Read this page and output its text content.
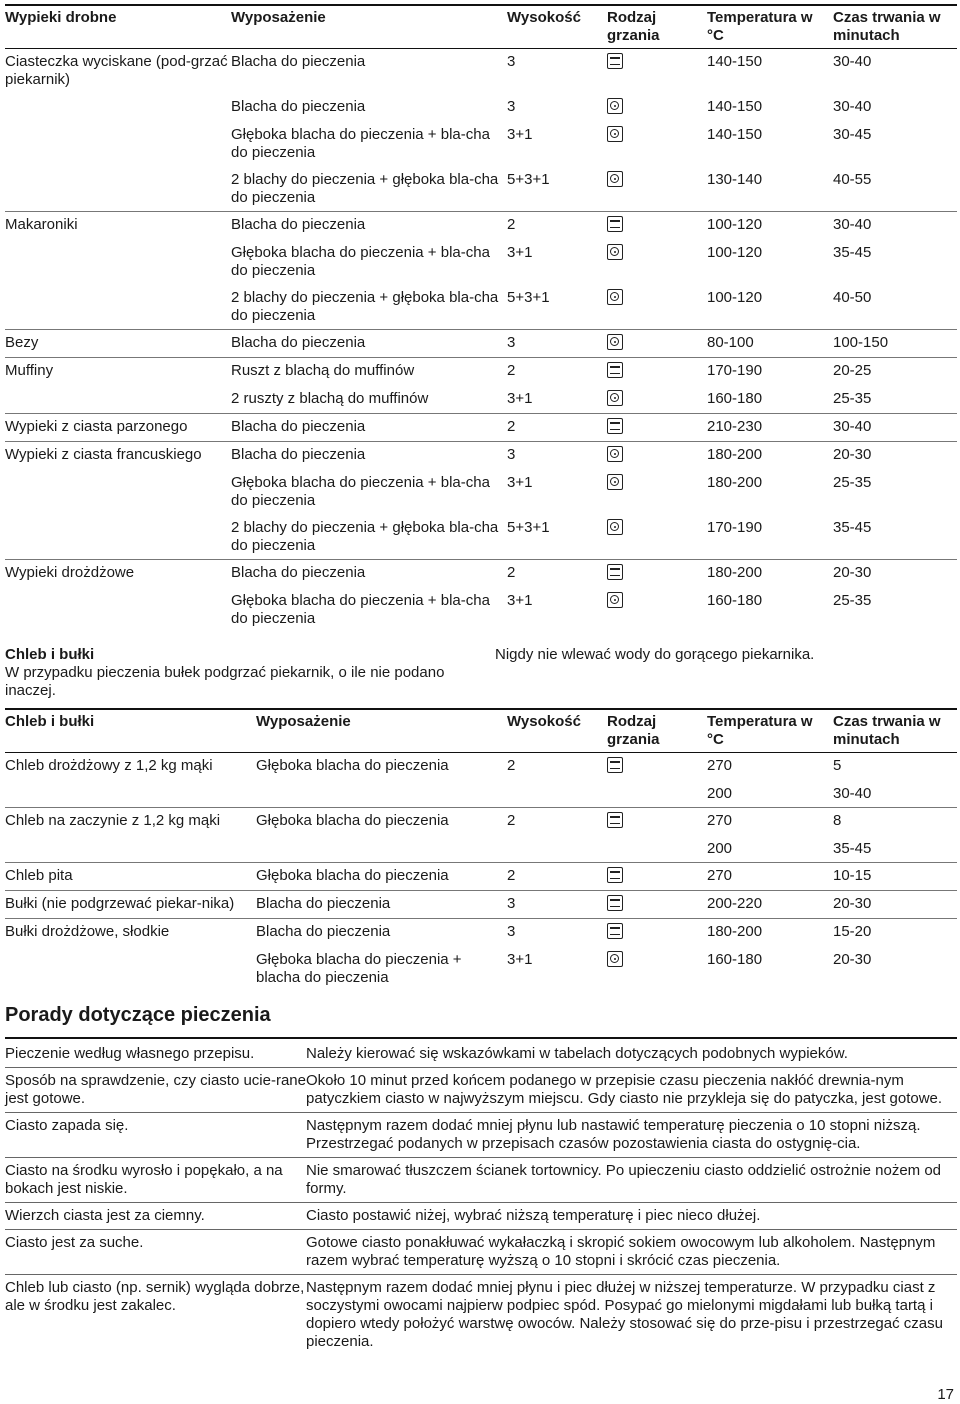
Wypieki drobne	Wyposażenie	Wysokość	Rodzaj grzania	Temperatura w °C	Czas trwania w minutach
Ciasteczka wyciskane (pod-grzać piekarnik)	Blacha do pieczenia	3		140-150	30-40
	Blacha do pieczenia	3		140-150	30-40
	Głęboka blacha do pieczenia + bla-cha do pieczenia	3+1		140-150	30-45
	2 blachy do pieczenia + głęboka bla-cha do pieczenia	5+3+1		130-140	40-55
Makaroniki	Blacha do pieczenia	2		100-120	30-40
	Głęboka blacha do pieczenia + bla-cha do pieczenia	3+1		100-120	35-45
	2 blachy do pieczenia + głęboka bla-cha do pieczenia	5+3+1		100-120	40-50
Bezy	Blacha do pieczenia	3		80-100	100-150
Muffiny	Ruszt z blachą do muffinów	2		170-190	20-25
	2 ruszty z blachą do muffinów	3+1		160-180	25-35
Wypieki z ciasta parzonego	Blacha do pieczenia	2		210-230	30-40
Wypieki z ciasta francuskiego	Blacha do pieczenia	3		180-200	20-30
	Głęboka blacha do pieczenia + bla-cha do pieczenia	3+1		180-200	25-35
	2 blachy do pieczenia + głęboka bla-cha do pieczenia	5+3+1		170-190	35-45
Wypieki drożdżowe	Blacha do pieczenia	2		180-200	20-30
	Głęboka blacha do pieczenia + bla-cha do pieczenia	3+1		160-180	25-35
Chleb i bułki
W przypadku pieczenia bułek podgrzać piekarnik, o ile nie podano inaczej.
Nigdy nie wlewać wody do gorącego piekarnika.
Chleb i bułki	Wyposażenie	Wysokość	Rodzaj grzania	Temperatura w °C	Czas trwania w minutach
Chleb drożdżowy z 1,2 kg mąki	Głęboka blacha do pieczenia	2		270	5
				200	30-40
Chleb na zaczynie z 1,2 kg mąki	Głęboka blacha do pieczenia	2		270	8
				200	35-45
Chleb pita	Głęboka blacha do pieczenia	2		270	10-15
Bułki (nie podgrzewać piekar-nika)	Blacha do pieczenia	3		200-220	20-30
Bułki drożdżowe, słodkie	Blacha do pieczenia	3		180-200	15-20
	Głęboka blacha do pieczenia + blacha do pieczenia	3+1		160-180	20-30
Porady dotyczące pieczenia
Pieczenie według własnego przepisu.	Należy kierować się wskazówkami w tabelach dotyczących podobnych wypieków.
Sposób na sprawdzenie, czy ciasto ucie-rane jest gotowe.	Około 10 minut przed końcem podanego w przepisie czasu pieczenia nakłóć drewnia-nym patyczkiem ciasto w najwyższym miejscu. Gdy ciasto nie przykleja się do patyczka, jest gotowe.
Ciasto zapada się.	Następnym razem dodać mniej płynu lub nastawić temperaturę pieczenia o 10 stopni niższą. Przestrzegać podanych w przepisach czasów pozostawienia ciasta do ostygnię-cia.
Ciasto na środku wyrosło i popękało, a na bokach jest niskie.	Nie smarować tłuszczem ścianek tortownicy. Po upieczeniu ciasto oddzielić ostrożnie nożem od formy.
Wierzch ciasta jest za ciemny.	Ciasto postawić niżej, wybrać niższą temperaturę i piec nieco dłużej.
Ciasto jest za suche.	Gotowe ciasto ponakłuwać wykałaczką i skropić sokiem owocowym lub alkoholem. Następnym razem wybrać temperaturę wyższą o 10 stopni i skrócić czas pieczenia.
Chleb lub ciasto (np. sernik) wygląda dobrze, ale w środku jest zakalec.	Następnym razem dodać mniej płynu i piec dłużej w niższej temperaturze. W przypadku ciast z soczystymi owocami najpierw podpiec spód. Posypać go mielonymi migdałami lub bułką tartą i dopiero wtedy położyć warstwę owoców. Należy stosować się do prze-pisu i przestrzegać czasu pieczenia.
17
